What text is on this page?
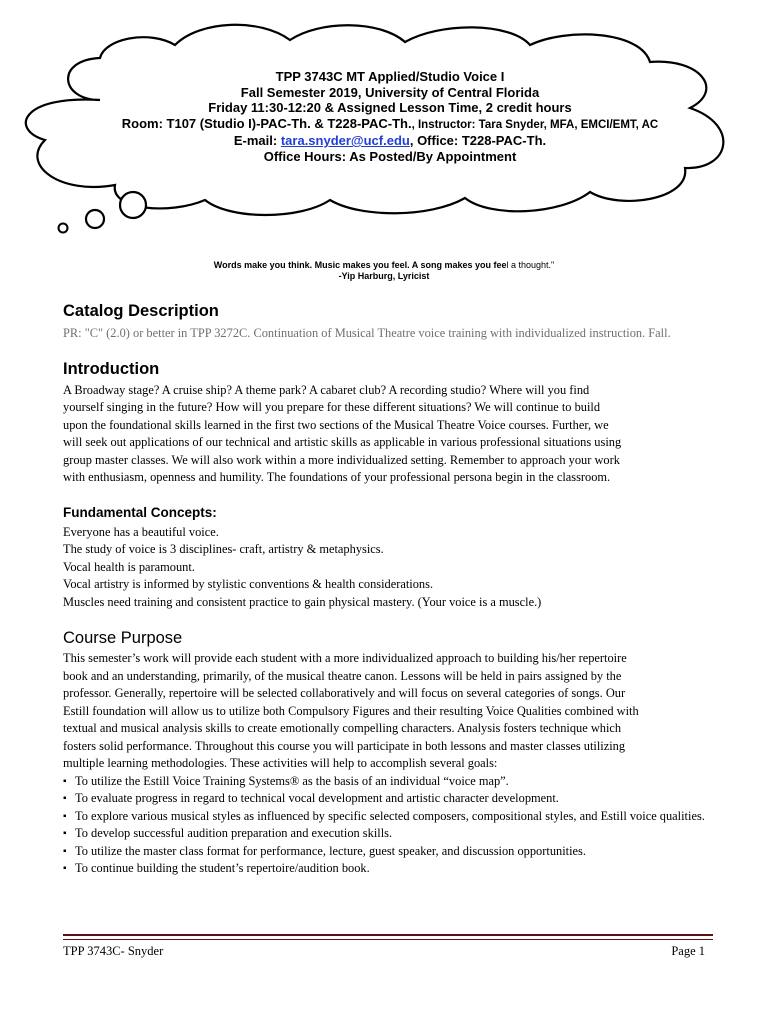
TPP 3743C MT Applied/Studio Voice I
Fall Semester 2019, University of Central Florida
Friday 11:30-12:20 & Assigned Lesson Time, 2 credit hours
Room: T107 (Studio I)-PAC-Th. & T228-PAC-Th., Instructor: Tara Snyder, MFA, EMCI/EMT, AC
E-mail: tara.snyder@ucf.edu, Office: T228-PAC-Th.
Office Hours: As Posted/By Appointment
Words make you think. Music makes you feel. A song makes you feel a thought."
-Yip Harburg, Lyricist
Catalog Description

PR: "C" (2.0) or better in TPP 3272C. Continuation of Musical Theatre voice training with individualized instruction. Fall.

Introduction
A Broadway stage? A cruise ship? A theme park? A cabaret club? A recording studio? Where will you find
yourself singing in the future? How will you prepare for these different situations? We will continue to build
upon the foundational skills learned in the first two sections of the Musical Theatre Voice courses. Further, we
will seek out applications of our technical and artistic skills as applicable in various professional situations using
group master classes. We will also work within a more individualized setting. Remember to approach your work
with enthusiasm, openness and humility. The foundations of your professional persona begin in the classroom.
Fundamental Concepts:
Everyone has a beautiful voice.
The study of voice is 3 disciplines- craft, artistry & metaphysics.
Vocal health is paramount.
Vocal artistry is informed by stylistic conventions & health considerations.
Muscles need training and consistent practice to gain physical mastery. (Your voice is a muscle.)
Course Purpose
This semester’s work will provide each student with a more individualized approach to building his/her repertoire
book and an understanding, primarily, of the musical theatre canon. Lessons will be held in pairs assigned by the
professor. Generally, repertoire will be selected collaboratively and will focus on several categories of songs. Our
Estill foundation will allow us to utilize both Compulsory Figures and their resulting Voice Qualities combined with
textual and musical analysis skills to create emotionally compelling characters. Analysis fosters technique which
fosters solid performance. Throughout this course you will participate in both lessons and master classes utilizing
multiple learning methodologies. These activities will help to accomplish several goals:
▪ To utilize the Estill Voice Training Systems® as the basis of an individual “voice map”.
▪ To evaluate progress in regard to technical vocal development and artistic character development.
▪ To explore various musical styles as influenced by specific selected composers, compositional styles, and Estill voice qualities.
▪ To develop successful audition preparation and execution skills.
▪ To utilize the master class format for performance, lecture, guest speaker, and discussion opportunities.
▪ To continue building the student’s repertoire/audition book.
TPP 3743C- Snyder	Page 1
